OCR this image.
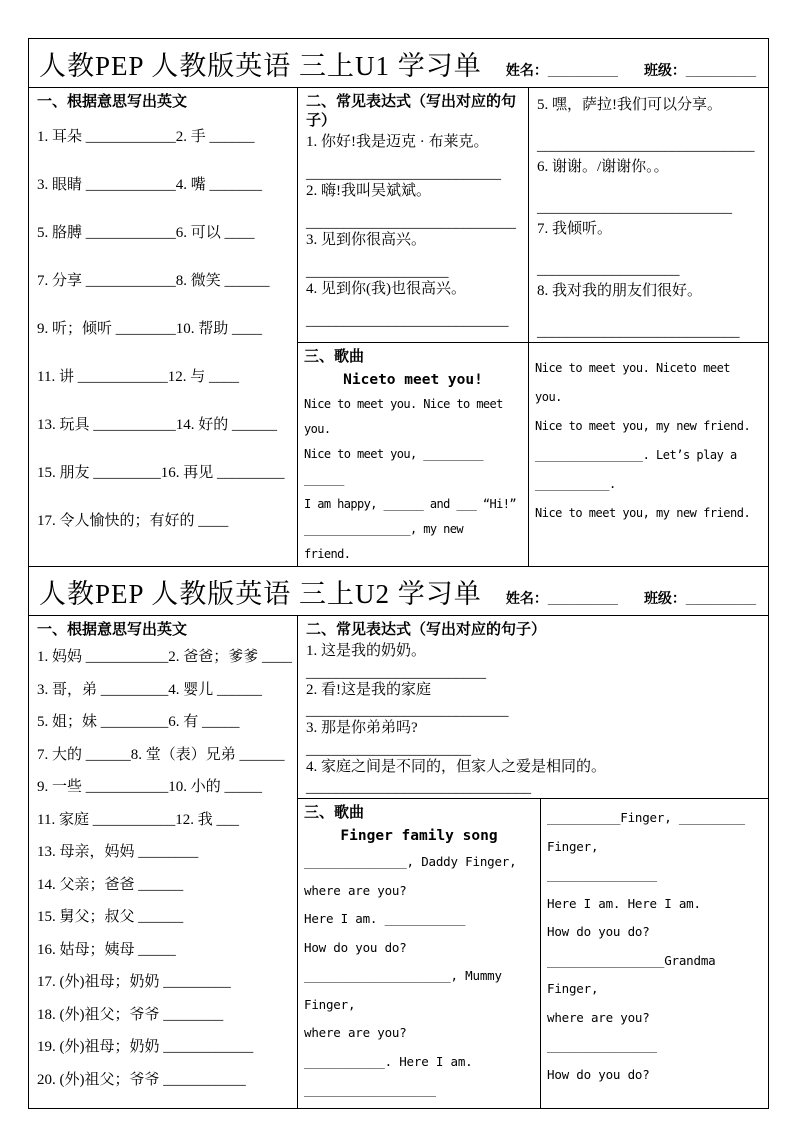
人教PEP 人教版英语 三上U1 学习单 姓名：_________ 班级：_________		

一、根据意思写出英文
1. 耳朵 ____________2. 手 ______
3. 眼睛 ____________4. 嘴 _______
5. 胳膊 ____________6. 可以 ____
7. 分享 ____________8. 微笑 ______
9. 听；倾听 ________10. 帮助 ____
11. 讲 ____________12. 与 ____
13. 玩具 ___________14. 好的 ______
15. 朋友 _________16. 再见 _________
17. 令人愉快的；有好的 ____

二、常见表达式（写出对应的句子）
1. 你好!我是迈克 · 布莱克。
__________________________
2. 嗨!我叫吴斌斌。
____________________________
3. 见到你很高兴。
___________________
4. 见到你(我)也很高兴。
___________________________

5. 嘿，萨拉!我们可以分享。
_____________________________
6. 谢谢。/谢谢你。。
__________________________
7. 我倾听。
___________________
8. 我对我的朋友们很好。
___________________________

三、歌曲
Niceto meet you!
Nice to meet you. Nice to meet
you.
Nice to meet you, _________
______
I am happy, ______ and ___ “Hi!”
________________, my new
friend.

Nice to meet you. Niceto meet
you.
Nice to meet you, my new friend.
________________. Let’s play a
___________.
Nice to meet you, my new friend.
人教PEP 人教版英语 三上U2 学习单 姓名：_________ 班级：_________		

一、根据意思写出英文
1. 妈妈 ___________2. 爸爸；爹爹 ____
3. 哥，弟 _________4. 婴儿 ______
5. 姐；妹 _________6. 有 _____
7. 大的 ______8. 堂（表）兄弟 ______
9. 一些 ___________10. 小的 _____
11. 家庭 ___________12. 我 ___
13. 母亲，妈妈 ________
14. 父亲；爸爸 ______
15. 舅父；叔父 ______
16. 姑母；姨母 _____
17. (外)祖母；奶奶 _________
18. (外)祖父；爷爷 ________
19. (外)祖母；奶奶 ____________
20. (外)祖父；爷爷 ___________

二、常见表达式（写出对应的句子）
1. 这是我的奶奶。
________________________
2. 看!这是我的家庭
___________________________
3. 那是你弟弟吗?
______________________
4. 家庭之间是不同的，但家人之爱是相同的。
______________________________

三、歌曲
Finger family song
______________, Daddy Finger,
where are you?
Here I am. ___________
How do you do?
____________________, Mummy
Finger,
where are you?
___________. Here I am.
__________________

__________Finger, _________
Finger,
_______________
Here I am. Here I am.
How do you do?
________________Grandma
Finger,
where are you?
_______________
How do you do?
